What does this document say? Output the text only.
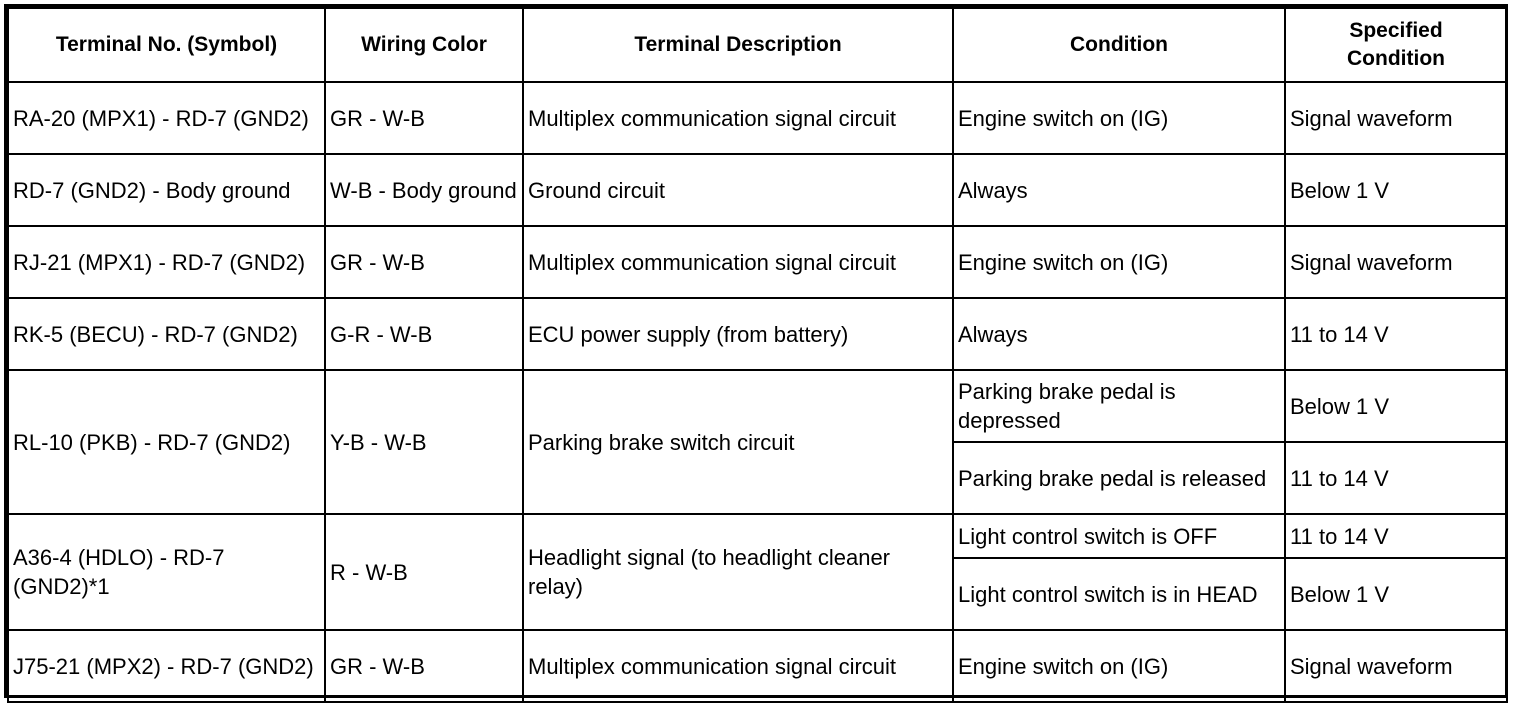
Terminal No. (Symbol)	Wiring Color	Terminal Description	Condition	Specified Condition
RA-20 (MPX1) - RD-7 (GND2)	GR - W-B	Multiplex communication signal circuit	Engine switch on (IG)	Signal waveform
RD-7 (GND2) - Body ground	W-B - Body ground	Ground circuit	Always	Below 1 V
RJ-21 (MPX1) - RD-7 (GND2)	GR - W-B	Multiplex communication signal circuit	Engine switch on (IG)	Signal waveform
RK-5 (BECU) - RD-7 (GND2)	G-R - W-B	ECU power supply (from battery)	Always	11 to 14 V
RL-10 (PKB) - RD-7 (GND2)	Y-B - W-B	Parking brake switch circuit	Parking brake pedal is depressed	Below 1 V
			Parking brake pedal is released	11 to 14 V
A36-4 (HDLO) - RD-7 (GND2)*1	R - W-B	Headlight signal (to headlight cleaner relay)	Light control switch is OFF	11 to 14 V
			Light control switch is in HEAD	Below 1 V
J75-21 (MPX2) - RD-7 (GND2)	GR - W-B	Multiplex communication signal circuit	Engine switch on (IG)	Signal waveform
